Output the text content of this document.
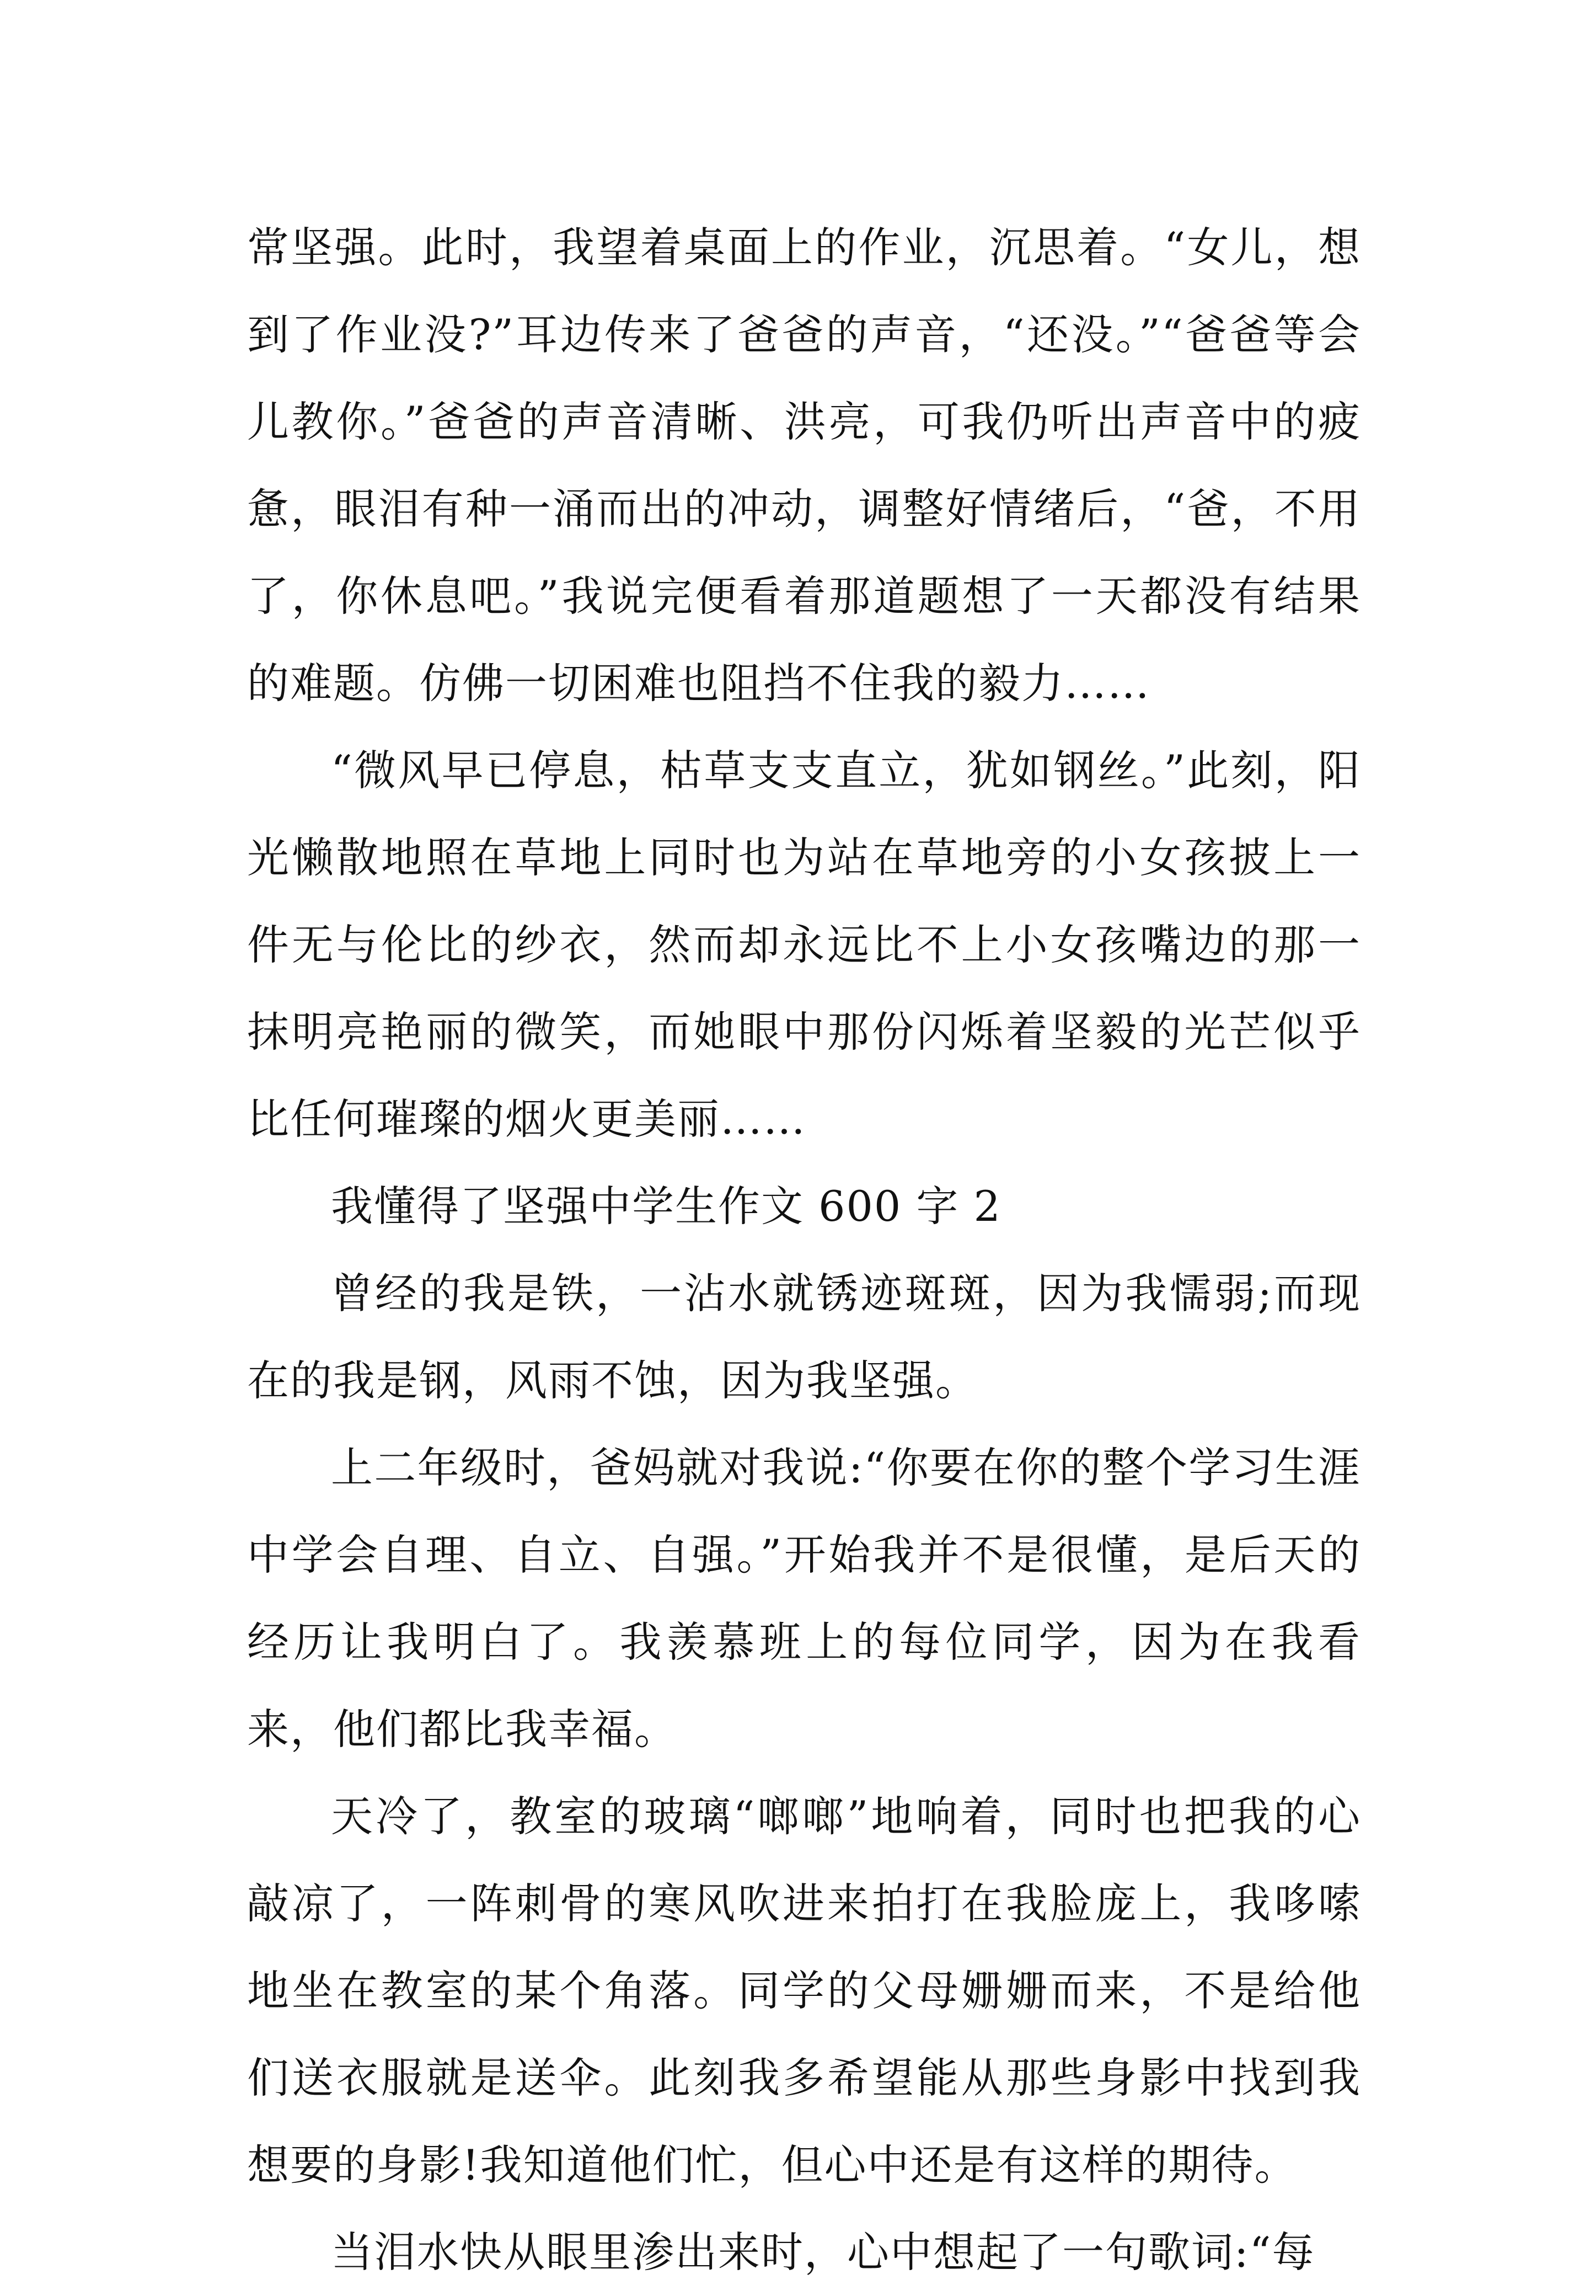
常坚强。此时，我望着桌面上的作业，沉思着。“女儿，想到了作业没?”耳边传来了爸爸的声音，“还没。”“爸爸等会儿教你。”爸爸的声音清晰、洪亮，可我仍听出声音中的疲惫，眼泪有种一涌而出的冲动，调整好情绪后，“爸，不用了，你休息吧。”我说完便看着那道题想了一天都没有结果的难题。仿佛一切困难也阻挡不住我的毅力……

“微风早已停息，枯草支支直立，犹如钢丝。”此刻，阳光懒散地照在草地上同时也为站在草地旁的小女孩披上一件无与伦比的纱衣，然而却永远比不上小女孩嘴边的那一抹明亮艳丽的微笑，而她眼中那份闪烁着坚毅的光芒似乎比任何璀璨的烟火更美丽……

我懂得了坚强中学生作文 600 字 2

曾经的我是铁，一沾水就锈迹斑斑，因为我懦弱;而现在的我是钢，风雨不蚀，因为我坚强。

上二年级时，爸妈就对我说:“你要在你的整个学习生涯中学会自理、自立、自强。”开始我并不是很懂，是后天的经历让我明白了。我羡慕班上的每位同学，因为在我看来，他们都比我幸福。

天冷了，教室的玻璃“啷啷”地响着，同时也把我的心敲凉了，一阵刺骨的寒风吹进来拍打在我脸庞上，我哆嗦地坐在教室的某个角落。同学的父母姗姗而来，不是给他们送衣服就是送伞。此刻我多希望能从那些身影中找到我想要的身影!我知道他们忙，但心中还是有这样的期待。

当泪水快从眼里渗出来时，心中想起了一句歌词:“每
